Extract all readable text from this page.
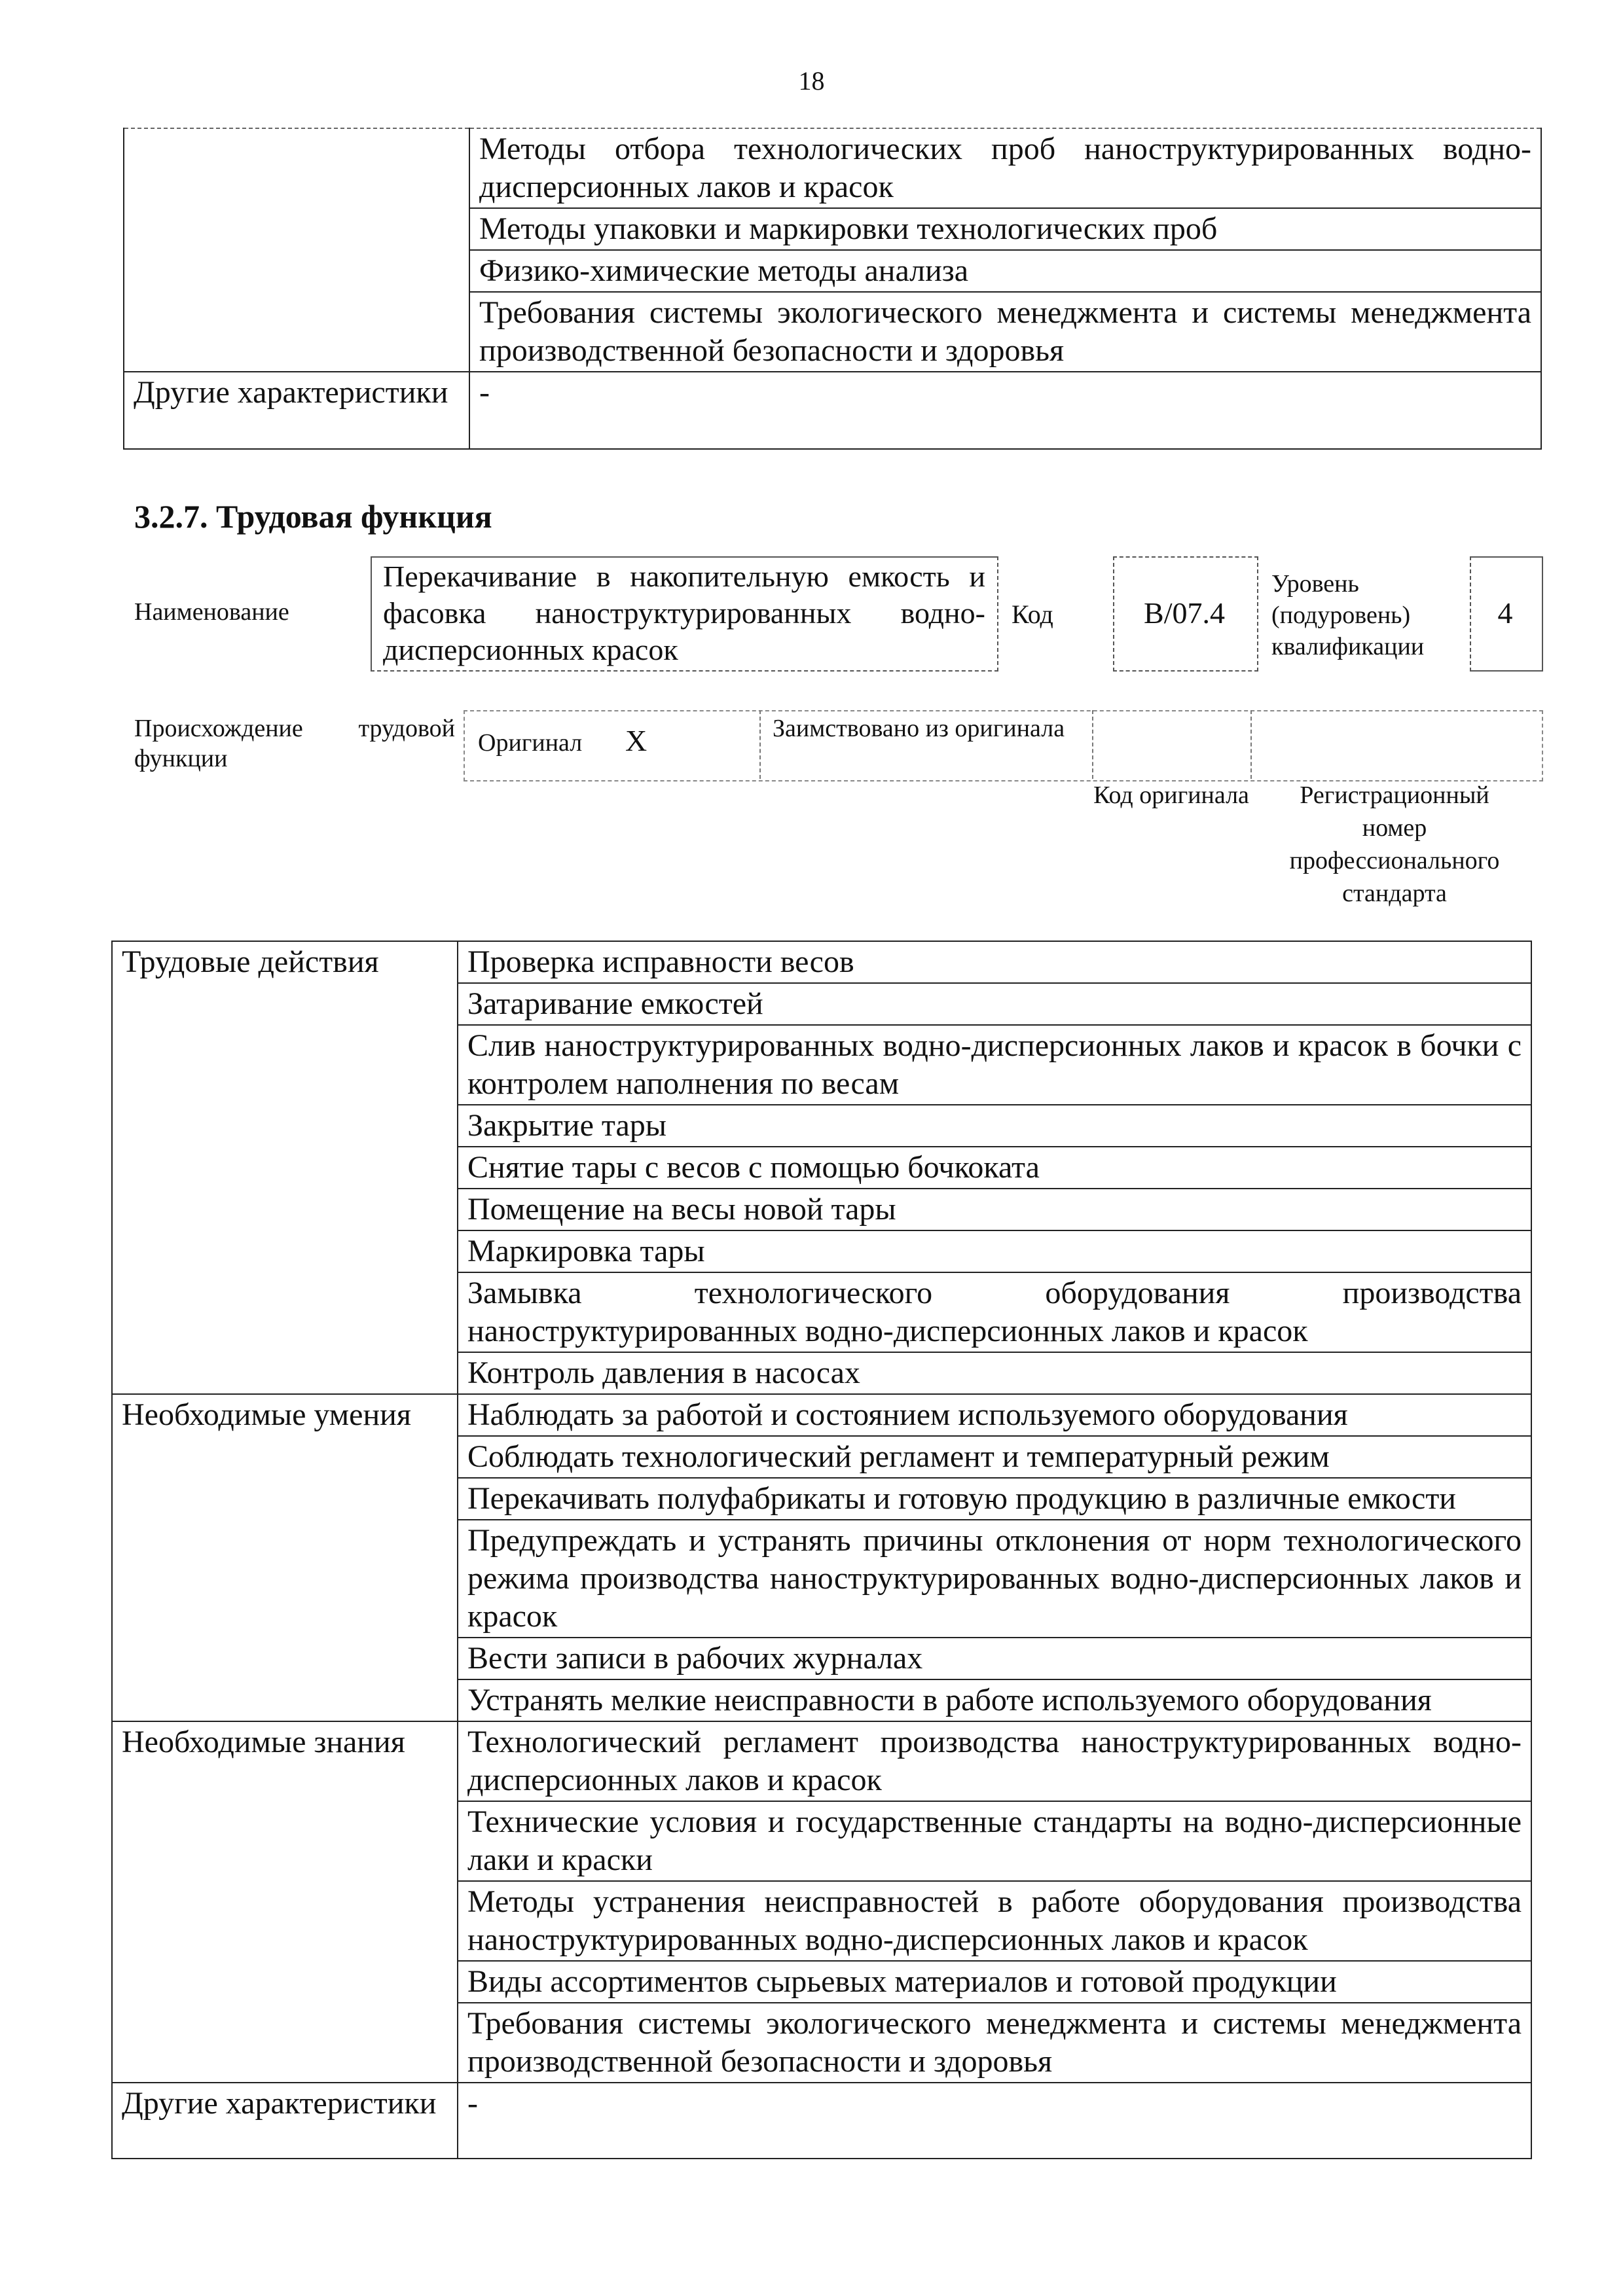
18
	Методы отбора технологических проб наноструктурированных водно-дисперсионных лаков и красок
	Методы упаковки и маркировки технологических проб
	Физико-химические методы анализа
	Требования системы экологического менеджмента и системы менеджмента производственной безопасности и здоровья
Другие характеристики	-
3.2.7. Трудовая функция
Наименование
Перекачивание в накопительную емкость и фасовка наноструктурированных водно-дисперсионных красок
Код	В/07.4
Уровень (подуровень) квалификации
4
Происхождение трудовой функции
Оригинал Х	Заимствовано из оригинала
Код оригинала	Регистрационный номер профессионального стандарта
Трудовые действия	Проверка исправности весов
	Затаривание емкостей
	Слив наноструктурированных водно-дисперсионных лаков и красок в бочки с контролем наполнения по весам
	Закрытие тары
	Снятие тары с весов с помощью бочкоката
	Помещение на весы новой тары
	Маркировка тары
	Замывка технологического оборудования производства наноструктурированных водно-дисперсионных лаков и красок
	Контроль давления в насосах
Необходимые умения	Наблюдать за работой и состоянием используемого оборудования
	Соблюдать технологический регламент и температурный режим
	Перекачивать полуфабрикаты и готовую продукцию в различные емкости
	Предупреждать и устранять причины отклонения от норм технологического режима производства наноструктурированных водно-дисперсионных лаков и красок
	Вести записи в рабочих журналах
	Устранять мелкие неисправности в работе используемого оборудования
Необходимые знания	Технологический регламент производства наноструктурированных водно-дисперсионных лаков и красок
	Технические условия и государственные стандарты на водно-дисперсионные лаки и краски
	Методы устранения неисправностей в работе оборудования производства наноструктурированных водно-дисперсионных лаков и красок
	Виды ассортиментов сырьевых материалов и готовой продукции
	Требования системы экологического менеджмента и системы менеджмента производственной безопасности и здоровья
Другие характеристики	-
